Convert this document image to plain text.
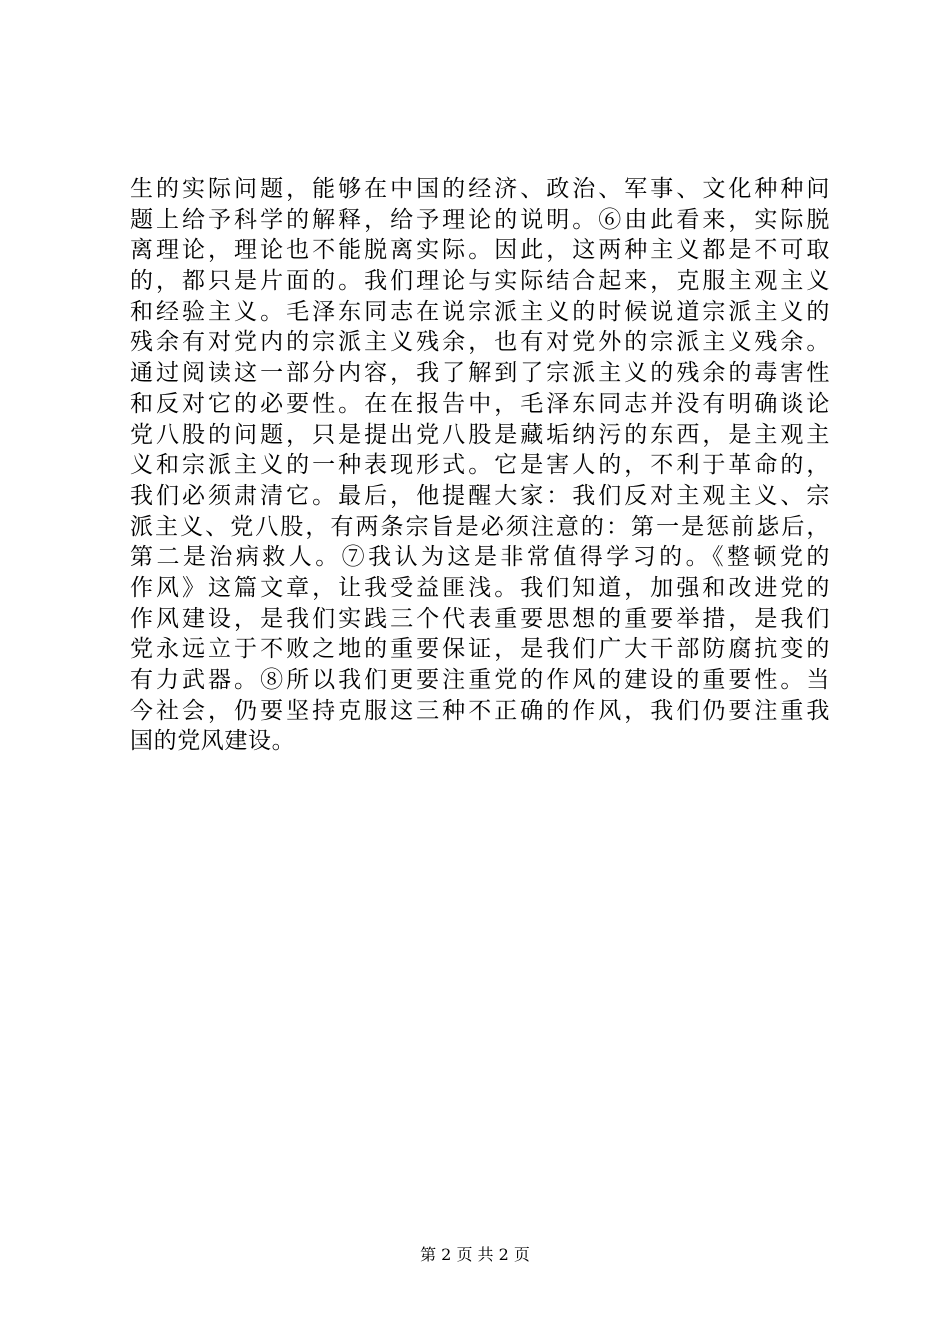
生的实际问题，能够在中国的经济、政治、军事、文化种种问
题上给予科学的解释，给予理论的说明。⑥由此看来，实际脱
离理论，理论也不能脱离实际。因此，这两种主义都是不可取
的，都只是片面的。我们理论与实际结合起来，克服主观主义
和经验主义。毛泽东同志在说宗派主义的时候说道宗派主义的
残余有对党内的宗派主义残余，也有对党外的宗派主义残余。
通过阅读这一部分内容，我了解到了宗派主义的残余的毒害性
和反对它的必要性。在在报告中，毛泽东同志并没有明确谈论
党八股的问题，只是提出党八股是藏垢纳污的东西，是主观主
义和宗派主义的一种表现形式。它是害人的，不利于革命的，
我们必须肃清它。最后，他提醒大家：我们反对主观主义、宗
派主义、党八股，有两条宗旨是必须注意的：第一是惩前毖后，
第二是治病救人。⑦我认为这是非常值得学习的。《整顿党的
作风》这篇文章，让我受益匪浅。我们知道，加强和改进党的
作风建设，是我们实践三个代表重要思想的重要举措，是我们
党永远立于不败之地的重要保证，是我们广大干部防腐抗变的
有力武器。⑧所以我们更要注重党的作风的建设的重要性。当
今社会，仍要坚持克服这三种不正确的作风，我们仍要注重我
国的党风建设。
第 2 页 共 2 页
